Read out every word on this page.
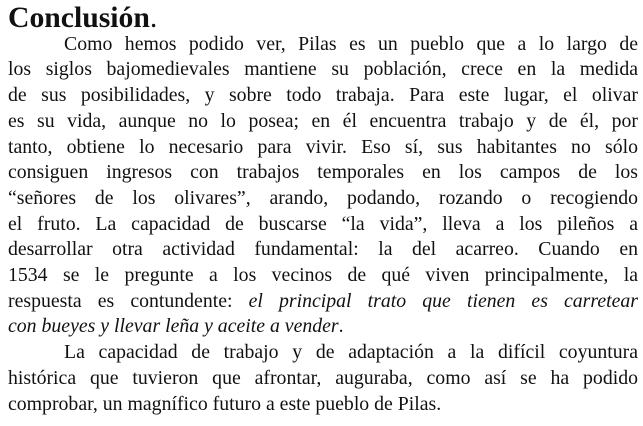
Conclusión.
Como hemos podido ver, Pilas es un pueblo que a lo largo de
los siglos bajomedievales mantiene su población, crece en la medida
de sus posibilidades, y sobre todo trabaja. Para este lugar, el olivar
es su vida, aunque no lo posea; en él encuentra trabajo y de él, por
tanto, obtiene lo necesario para vivir. Eso sí, sus habitantes no sólo
consiguen ingresos con trabajos temporales en los campos de los
“señores de los olivares”, arando, podando, rozando o recogiendo
el fruto. La capacidad de buscarse “la vida”, lleva a los pileños a
desarrollar otra actividad fundamental: la del acarreo. Cuando en
1534 se le pregunte a los vecinos de qué viven principalmente, la
respuesta es contundente: el principal trato que tienen es carretear
con bueyes y llevar leña y aceite a vender.
La capacidad de trabajo y de adaptación a la difícil coyuntura
histórica que tuvieron que afrontar, auguraba, como así se ha podido
comprobar, un magnífico futuro a este pueblo de Pilas.
